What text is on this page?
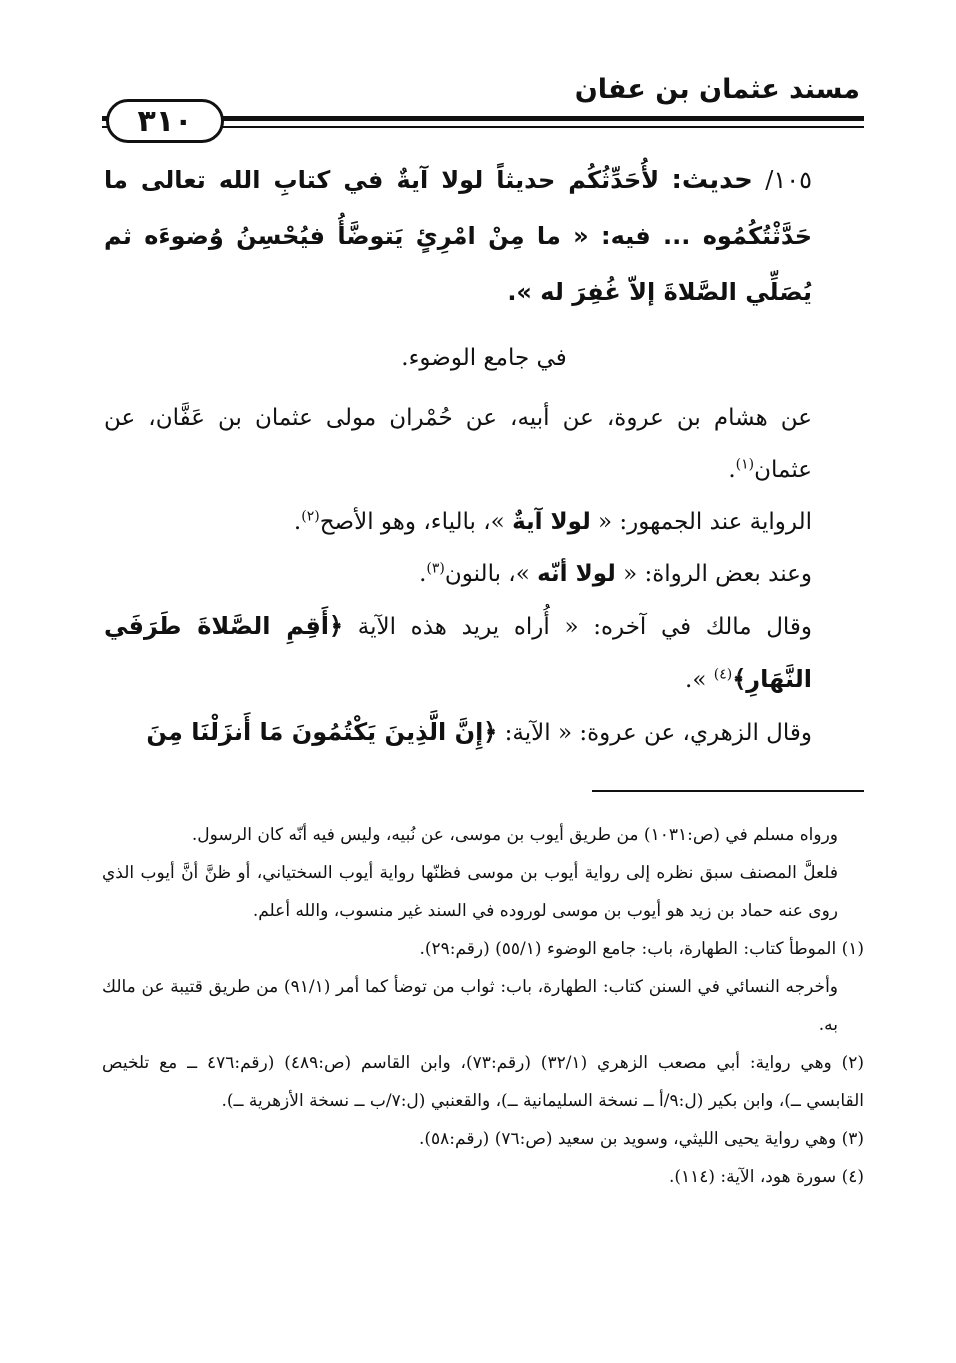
مسند عثمان بن عفان
٣١٠

١٠٥/ حديث: لأُحَدِّثُكُم حديثاً لولا آيةٌ في كتابِ الله تعالى ما حَدَّثْتُكُمُوه ... فيه: « ما مِنْ امْرِئٍ يَتوضَّأُ فيُحْسِنُ وُضوءَه ثم يُصَلِّي الصَّلاةَ إلاّ غُفِرَ له ».

في جامع الوضوء.

عن هشام بن عروة، عن أبيه، عن حُمْران مولى عثمان بن عَفَّان، عن عثمان$^{(١)}$.

الرواية عند الجمهور: « لولا آيةٌ »، بالياء، وهو الأصح$^{(٢)}$.

وعند بعض الرواة: « لولا أنّه »، بالنون$^{(٣)}$.

وقال مالك في آخره: « أُراه يريد هذه الآية ﴿أَقِمِ الصَّلاةَ طَرَفَي النَّهَارِ﴾$^{(٤)}$ ».

وقال الزهري، عن عروة: « الآية: ﴿إِنَّ الَّذِينَ يَكْتُمُونَ مَا أَنزَلْنَا مِنَ

ورواه مسلم في (ص:١٠٣١) من طريق أيوب بن موسى، عن نُبيه، وليس فيه أنّه كان الرسول.

فلعلَّ المصنف سبق نظره إلى رواية أيوب بن موسى فظنّها رواية أيوب السختياني، أو ظنَّ أنَّ أيوب الذي روى عنه حماد بن زيد هو أيوب بن موسى لوروده في السند غير منسوب، والله أعلم.

(١) الموطأ كتاب: الطهارة، باب: جامع الوضوء (٥٥/١) (رقم:٢٩).

وأخرجه النسائي في السنن كتاب: الطهارة، باب: ثواب من توضأ كما أمر (٩١/١) من طريق قتيبة عن مالك به.

(٢) وهي رواية: أبي مصعب الزهري (٣٢/١) (رقم:٧٣)، وابن القاسم (ص:٤٨٩) (رقم:٤٧٦ ــ مع تلخيص القابسي ــ)، وابن بكير (ل:٩/أ ــ نسخة السليمانية ــ)، والقعنبي (ل:٧/ب ــ نسخة الأزهرية ــ).

(٣) وهي رواية يحيى الليثي، وسويد بن سعيد (ص:٧٦) (رقم:٥٨).

(٤) سورة هود، الآية: (١١٤).
